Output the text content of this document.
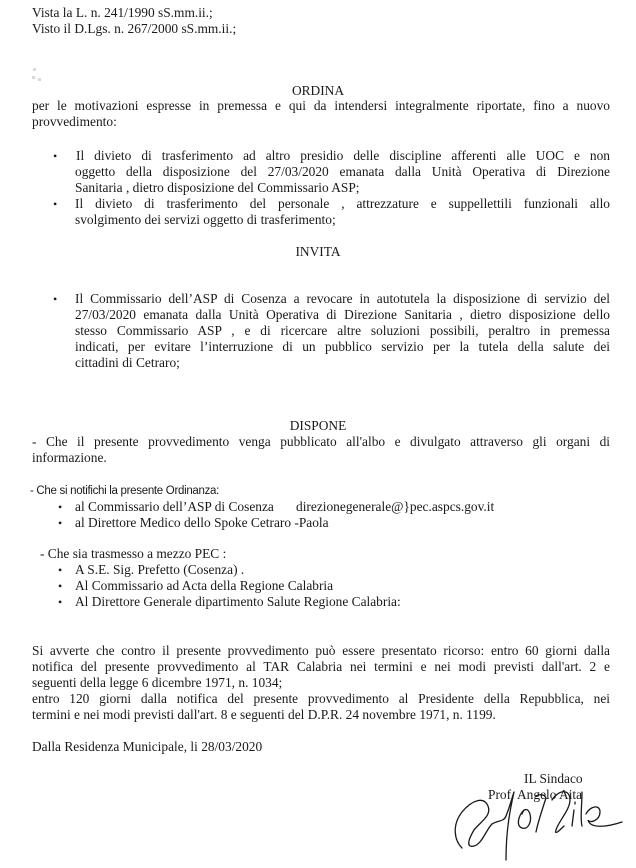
Vista la L. n. 241/1990 sS.mm.ii.;
Visto il D.Lgs. n. 267/2000 sS.mm.ii.;
ORDINA
per le motivazioni espresse in premessa e qui da intendersi integralmente riportate, fino a nuovo
provvedimento:
• Il divieto di trasferimento ad altro presidio delle discipline afferenti alle UOC e non
oggetto della disposizione del 27/03/2020 emanata dalla Unità Operativa di Direzione
Sanitaria , dietro disposizione del Commissario ASP;
• Il divieto di trasferimento del personale , attrezzature e suppellettili funzionali allo
svolgimento dei servizi oggetto di trasferimento;
INVITA
• Il Commissario dell’ASP di Cosenza a revocare in autotutela la disposizione di servizio del
27/03/2020 emanata dalla Unità Operativa di Direzione Sanitaria , dietro disposizione dello
stesso Commissario ASP , e di ricercare altre soluzioni possibili, peraltro in premessa
indicati, per evitare l’interruzione di un pubblico servizio per la tutela della salute dei
cittadini di Cetraro;
DISPONE
- Che il presente provvedimento venga pubblicato all'albo e divulgato attraverso gli organi di
informazione.
- Che si notifichi la presente Ordinanza:
• al Commissario dell’ASP di Cosenza direzionegenerale@}pec.aspcs.gov.it
• al Direttore Medico dello Spoke Cetraro -Paola
- Che sia trasmesso a mezzo PEC :
• A S.E. Sig. Prefetto (Cosenza) .
• Al Commissario ad Acta della Regione Calabria
• Al Direttore Generale dipartimento Salute Regione Calabria:
Si avverte che contro il presente provvedimento può essere presentato ricorso: entro 60 giorni dalla
notifica del presente provvedimento al TAR Calabria nei termini e nei modi previsti dall'art. 2 e
seguenti della legge 6 dicembre 1971, n. 1034;
entro 120 giorni dalla notifica del presente provvedimento al Presidente della Repubblica, nei
termini e nei modi previsti dall'art. 8 e seguenti del D.P.R. 24 novembre 1971, n. 1199.
Dalla Residenza Municipale, li 28/03/2020
IL Sindaco
Prof. Angelo Aita
